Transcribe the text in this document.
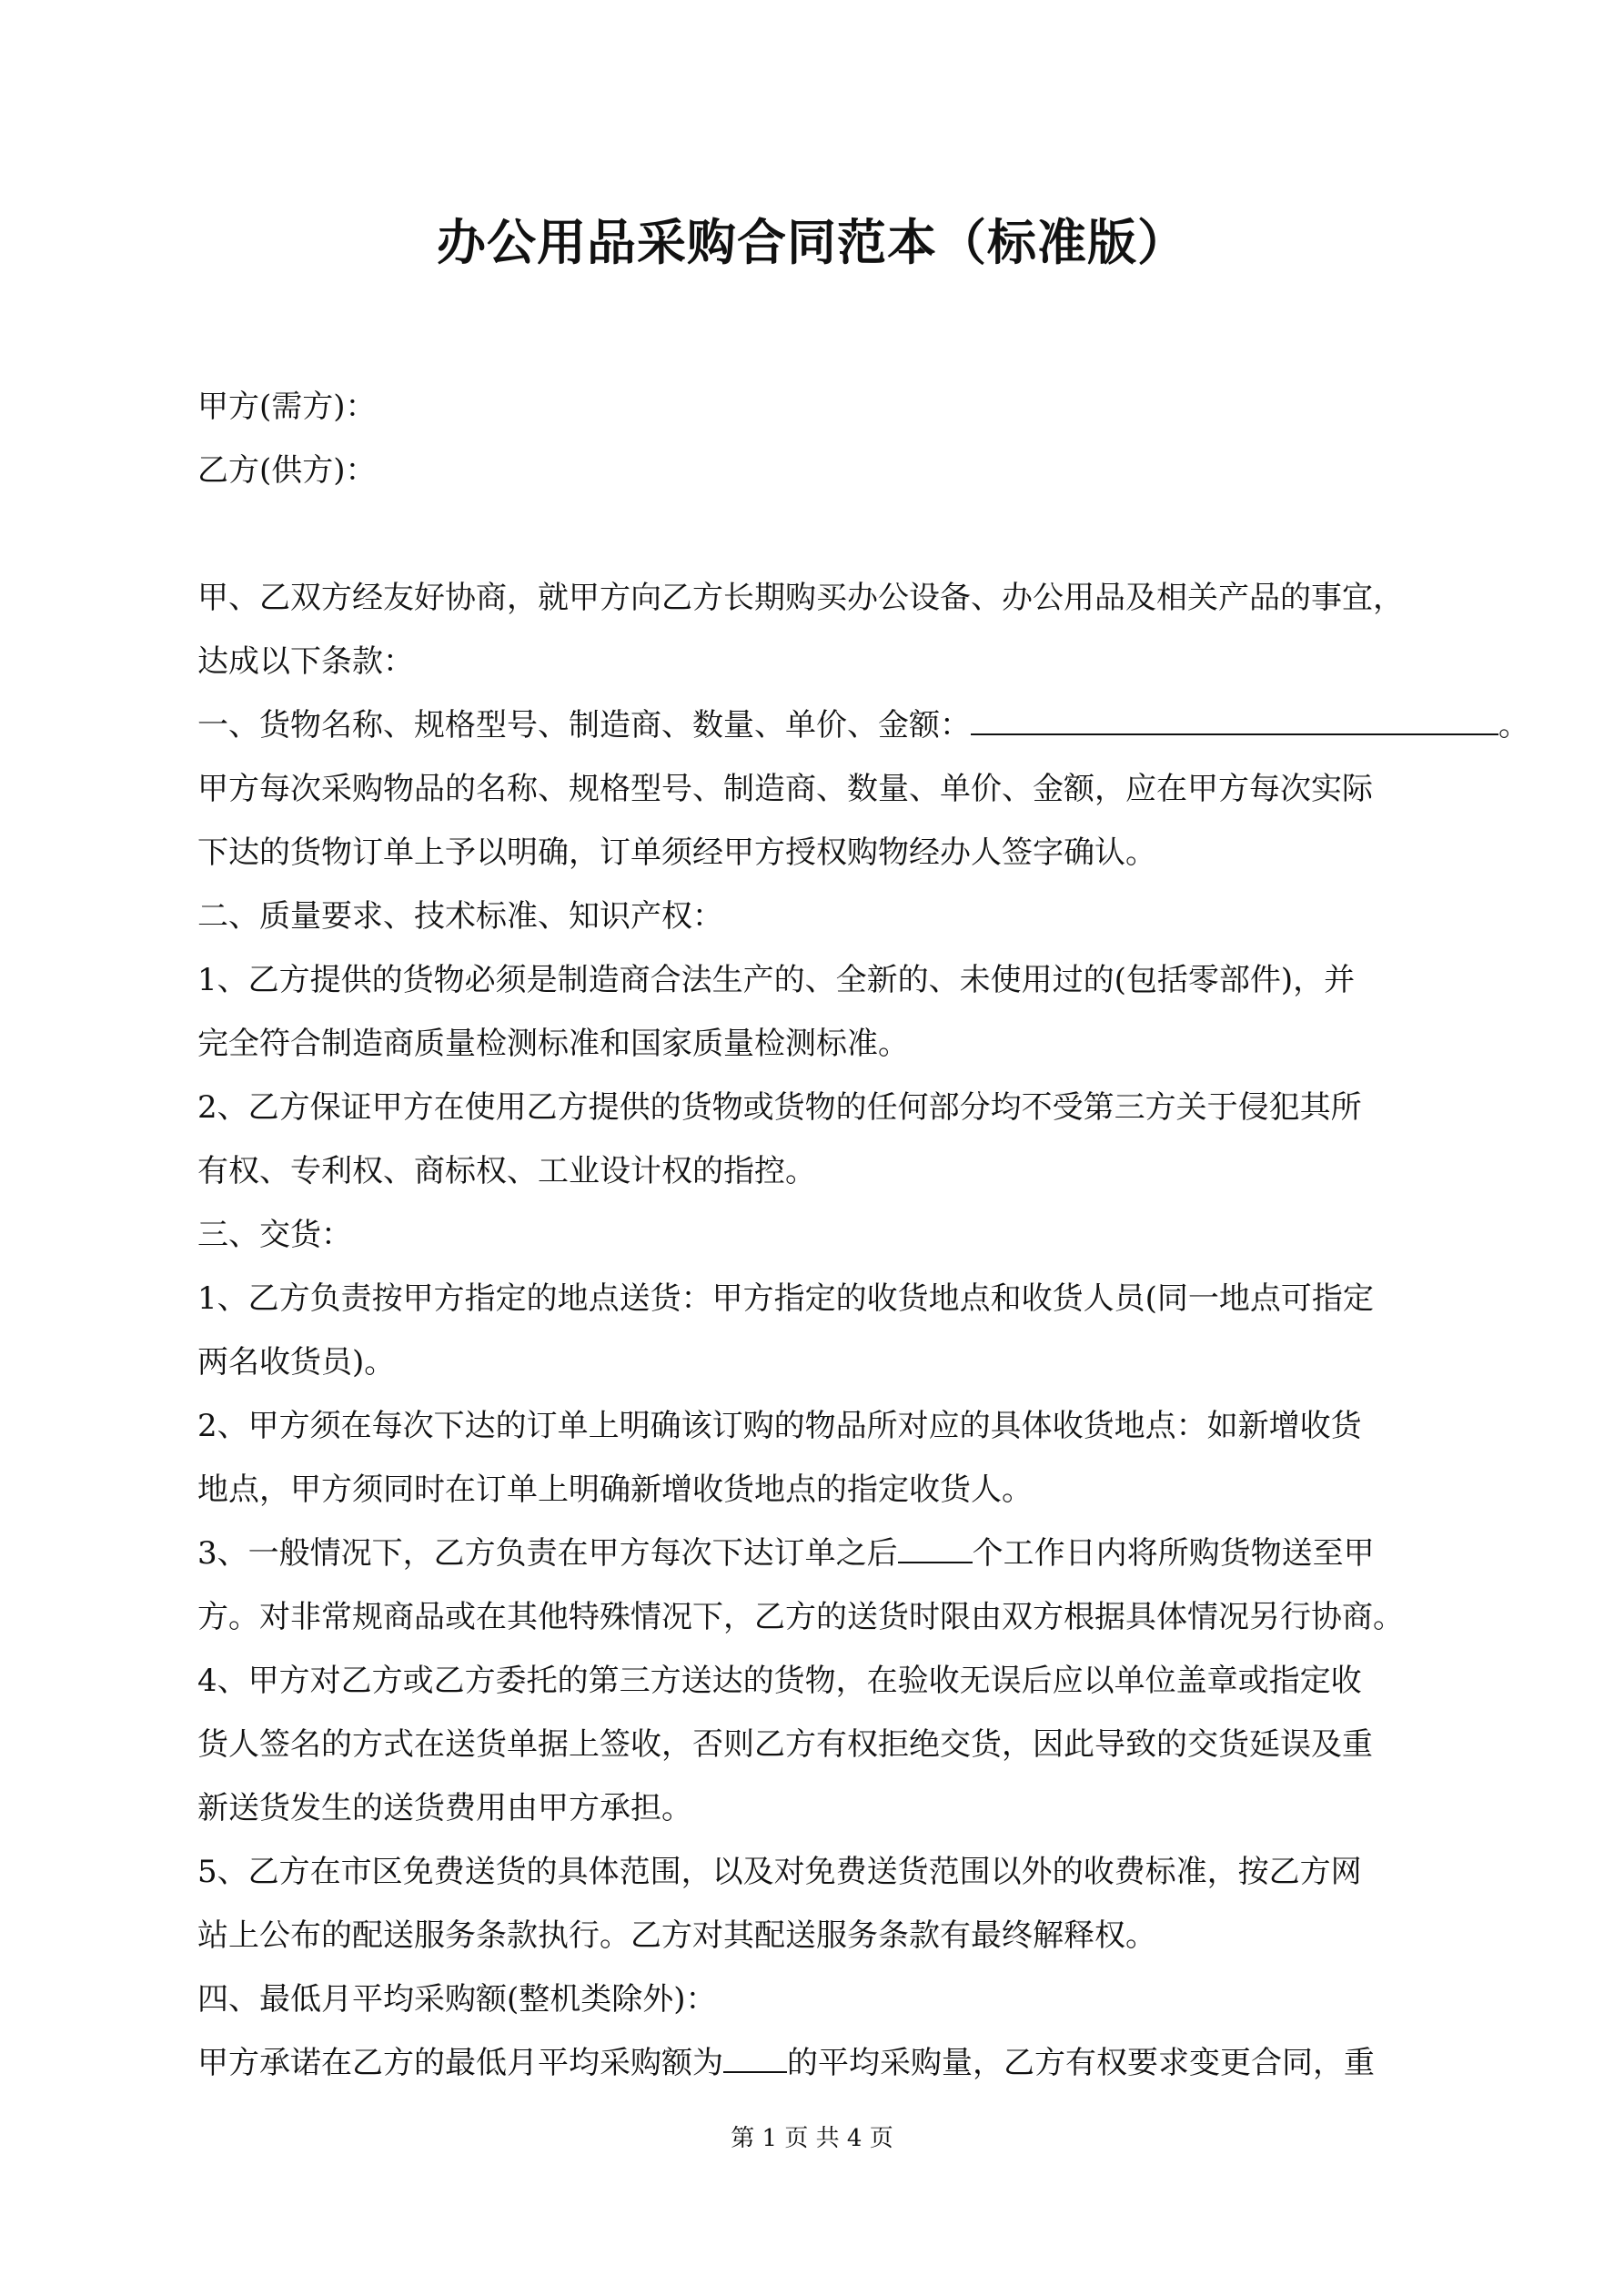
办公用品采购合同范本（标准版）
甲方(需方)：
乙方(供方)：
甲、乙双方经友好协商，就甲方向乙方长期购买办公设备、办公用品及相关产品的事宜，
达成以下条款：
一、货物名称、规格型号、制造商、数量、单价、金额：	。
甲方每次采购物品的名称、规格型号、制造商、数量、单价、金额，应在甲方每次实际
下达的货物订单上予以明确，订单须经甲方授权购物经办人签字确认。
二、质量要求、技术标准、知识产权：
1、乙方提供的货物必须是制造商合法生产的、全新的、未使用过的(包括零部件)，并
完全符合制造商质量检测标准和国家质量检测标准。
2、乙方保证甲方在使用乙方提供的货物或货物的任何部分均不受第三方关于侵犯其所
有权、专利权、商标权、工业设计权的指控。
三、交货：
1、乙方负责按甲方指定的地点送货：甲方指定的收货地点和收货人员(同一地点可指定
两名收货员)。
2、甲方须在每次下达的订单上明确该订购的物品所对应的具体收货地点：如新增收货
地点，甲方须同时在订单上明确新增收货地点的指定收货人。
3、一般情况下，乙方负责在甲方每次下达订单之后 个工作日内将所购货物送至甲
方。对非常规商品或在其他特殊情况下，乙方的送货时限由双方根据具体情况另行协商。
4、甲方对乙方或乙方委托的第三方送达的货物，在验收无误后应以单位盖章或指定收
货人签名的方式在送货单据上签收，否则乙方有权拒绝交货，因此导致的交货延误及重
新送货发生的送货费用由甲方承担。
5、乙方在市区免费送货的具体范围，以及对免费送货范围以外的收费标准，按乙方网
站上公布的配送服务条款执行。乙方对其配送服务条款有最终解释权。
四、最低月平均采购额(整机类除外)：
甲方承诺在乙方的最低月平均采购额为 的平均采购量，乙方有权要求变更合同，重
第 1 页 共 4 页
